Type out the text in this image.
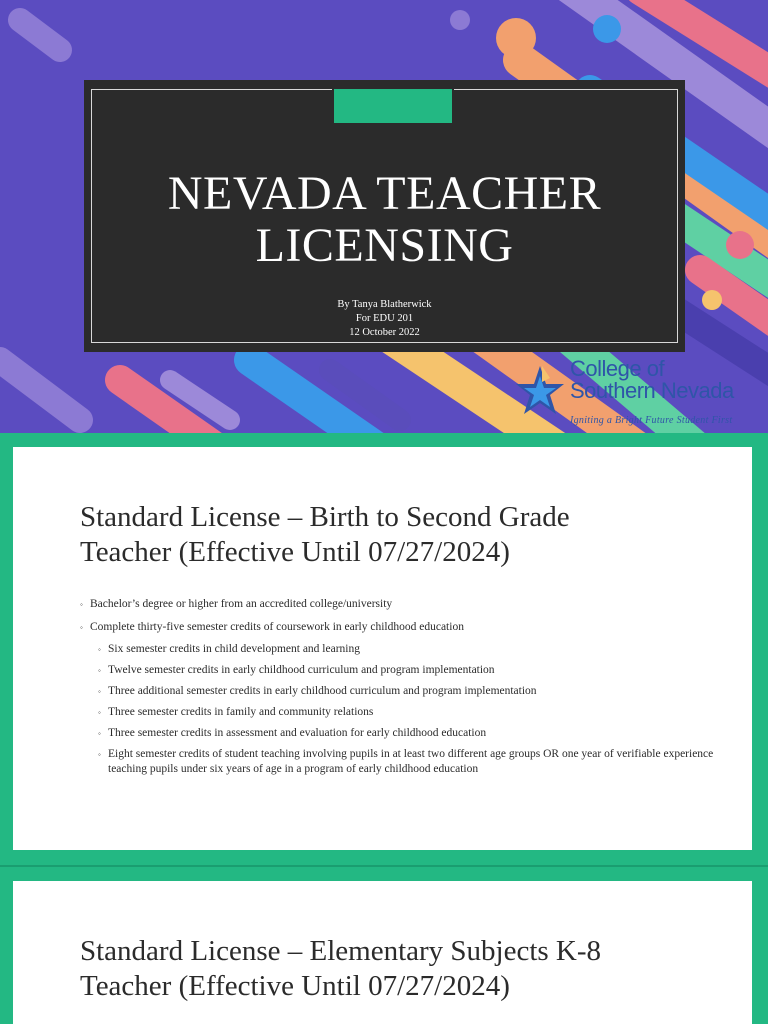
NEVADA TEACHER
LICENSING
By Tanya Blatherwick
For EDU 201
12 October 2022
College of
Southern Nevada
Igniting a Bright Future Student First
Standard License – Birth to Second Grade
Teacher (Effective Until 07/27/2024)
◦ Bachelor’s degree or higher from an accredited college/university
◦ Complete thirty-five semester credits of coursework in early childhood education
◦ Six semester credits in child development and learning
◦ Twelve semester credits in early childhood curriculum and program implementation
◦ Three additional semester credits in early childhood curriculum and program implementation
◦ Three semester credits in family and community relations
◦ Three semester credits in assessment and evaluation for early childhood education
◦ Eight semester credits of student teaching involving pupils in at least two different age groups OR one year of verifiable experience teaching pupils under six years of age in a program of early childhood education
Standard License – Elementary Subjects K-8
Teacher (Effective Until 07/27/2024)
